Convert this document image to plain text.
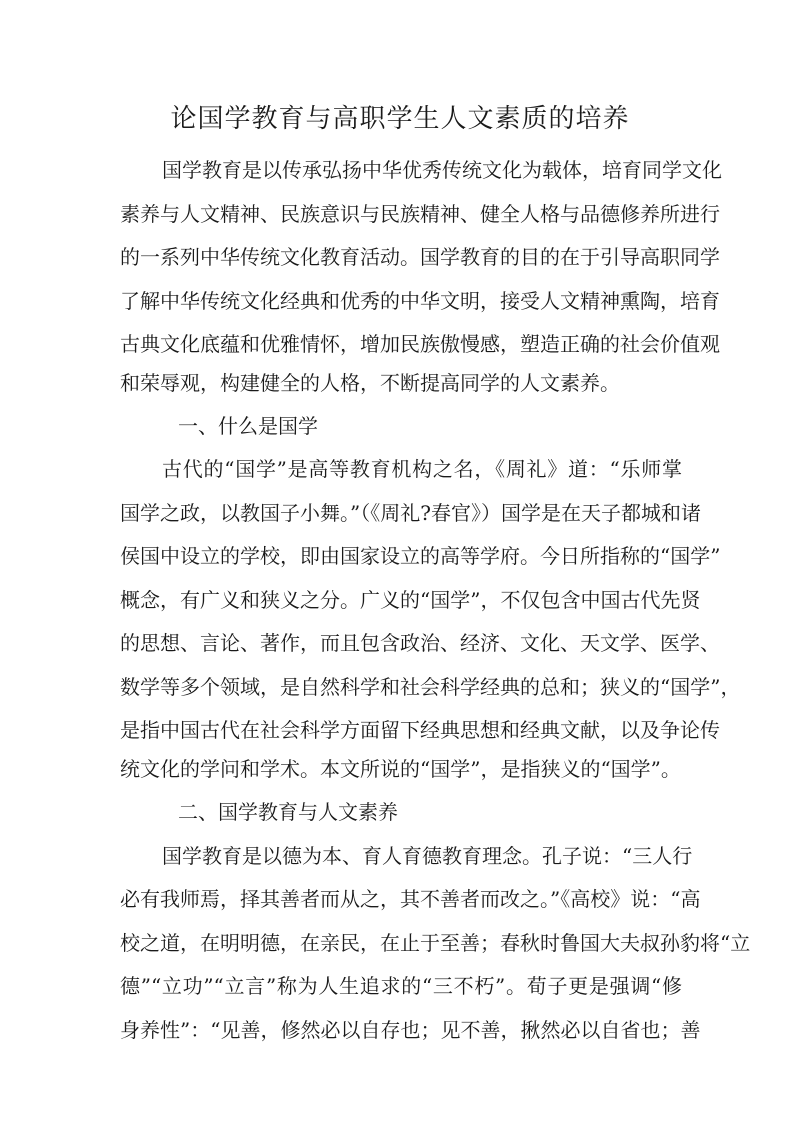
论国学教育与高职学生人文素质的培养

国学教育是以传承弘扬中华优秀传统文化为载体，培育同学文化

素养与人文精神、民族意识与民族精神、健全人格与品德修养所进行

的一系列中华传统文化教育活动。国学教育的目的在于引导高职同学

了解中华传统文化经典和优秀的中华文明，接受人文精神熏陶，培育

古典文化底蕴和优雅情怀，增加民族傲慢感，塑造正确的社会价值观

和荣辱观，构建健全的人格，不断提高同学的人文素养。

一、什么是国学

古代的“国学”是高等教育机构之名，《周礼》道：“乐师掌

国学之政，以教国子小舞。”（《周礼?春官》）国学是在天子都城和诸

侯国中设立的学校，即由国家设立的高等学府。今日所指称的“国学”

概念，有广义和狭义之分。广义的“国学”，不仅包含中国古代先贤

的思想、言论、著作，而且包含政治、经济、文化、天文学、医学、

数学等多个领域，是自然科学和社会科学经典的总和；狭义的“国学”，

是指中国古代在社会科学方面留下经典思想和经典文献，以及争论传

统文化的学问和学术。本文所说的“国学”，是指狭义的“国学”。

二、国学教育与人文素养

国学教育是以德为本、育人育德教育理念。孔子说：“三人行

必有我师焉，择其善者而从之，其不善者而改之。”《高校》说：“高

校之道，在明明德，在亲民，在止于至善；春秋时鲁国大夫叔孙豹将“立

德”“立功”“立言”称为人生追求的“三不朽”。荀子更是强调“修

身养性”：“见善，修然必以自存也；见不善，揪然必以自省也；善
